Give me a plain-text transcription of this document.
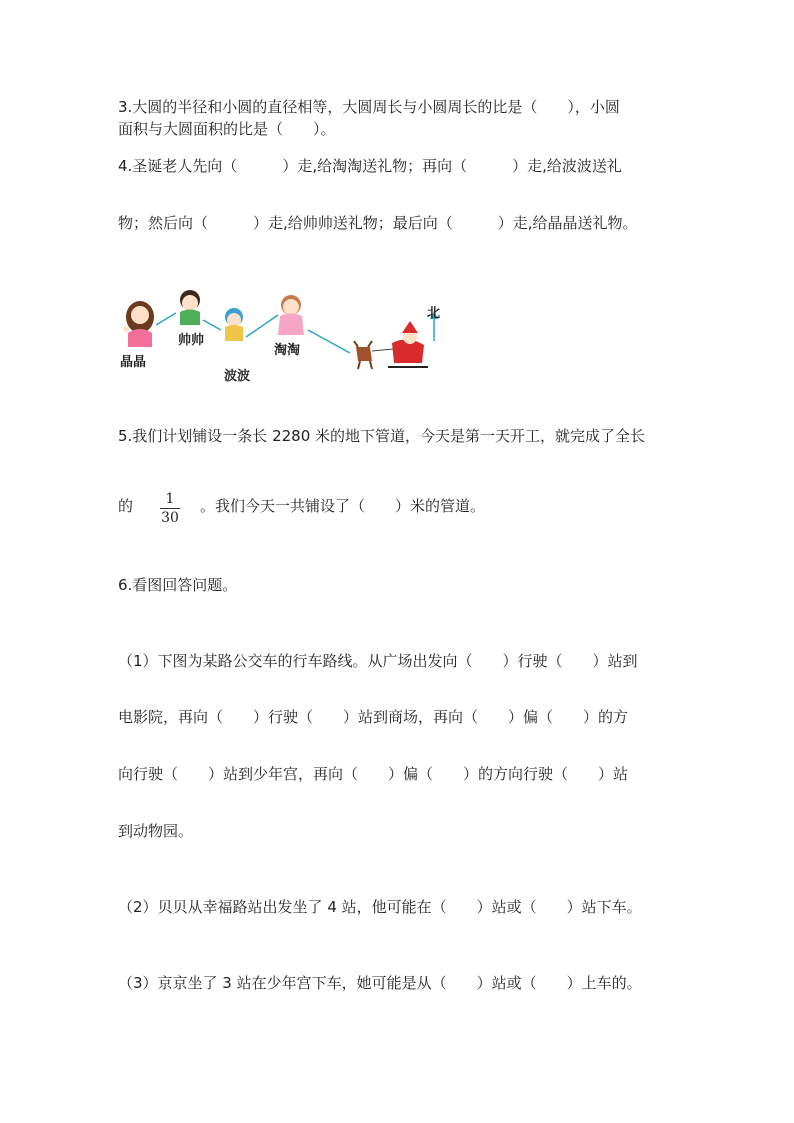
3.大圆的半径和小圆的直径相等，大圆周长与小圆周长的比是（　　），小圆
面积与大圆面积的比是（　　）。
4.圣诞老人先向（　　　）走,给淘淘送礼物；再向（　　　）走,给波波送礼
物；然后向（　　　）走,给帅帅送礼物；最后向（　　　）走,给晶晶送礼物。
晶晶
帅帅
波波
淘淘
北
5.我们计划铺设一条长 2280 米的地下管道，今天是第一天开工，就完成了全长
的	1
30
。我们今天一共铺设了（　　）米的管道。
6.看图回答问题。
（1）下图为某路公交车的行车路线。从广场出发向（　　）行驶（　　）站到
电影院，再向（　　）行驶（　　）站到商场，再向（　　）偏（　　）的方
向行驶（　　）站到少年宫，再向（　　）偏（　　）的方向行驶（　　）站
到动物园。
（2）贝贝从幸福路站出发坐了 4 站，他可能在（　　）站或（　　）站下车。
（3）京京坐了 3 站在少年宫下车，她可能是从（　　）站或（　　）上车的。
